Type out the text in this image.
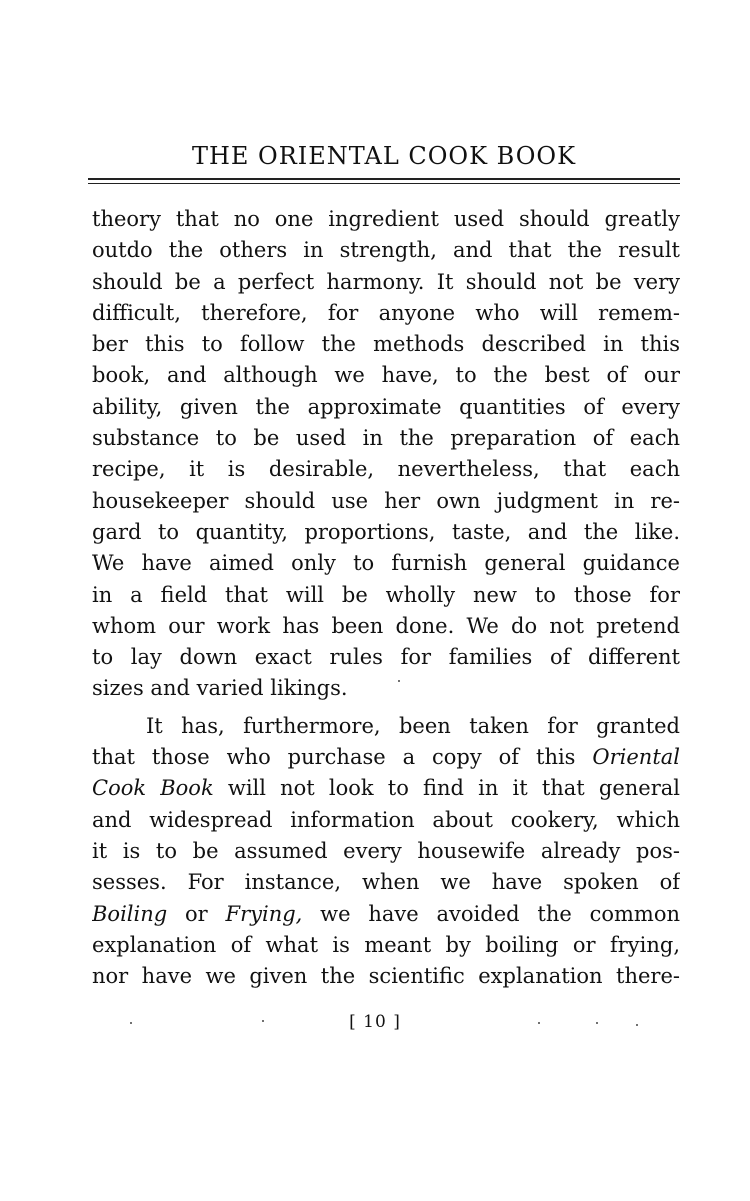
THE ORIENTAL COOK BOOK
theory that no one ingredient used should greatly
outdo the others in strength, and that the result
should be a perfect harmony. It should not be very
difficult, therefore, for anyone who will remem-
ber this to follow the methods described in this
book, and although we have, to the best of our
ability, given the approximate quantities of every
substance to be used in the preparation of each
recipe, it is desirable, nevertheless, that each
housekeeper should use her own judgment in re-
gard to quantity, proportions, taste, and the like.
We have aimed only to furnish general guidance
in a field that will be wholly new to those for
whom our work has been done. We do not pretend
to lay down exact rules for families of different
sizes and varied likings.
It has, furthermore, been taken for granted
that those who purchase a copy of this Oriental
Cook Book will not look to find in it that general
and widespread information about cookery, which
it is to be assumed every housewife already pos-
sesses. For instance, when we have spoken of
Boiling or Frying, we have avoided the common
explanation of what is meant by boiling or frying,
nor have we given the scientific explanation there-
[ 10 ]
